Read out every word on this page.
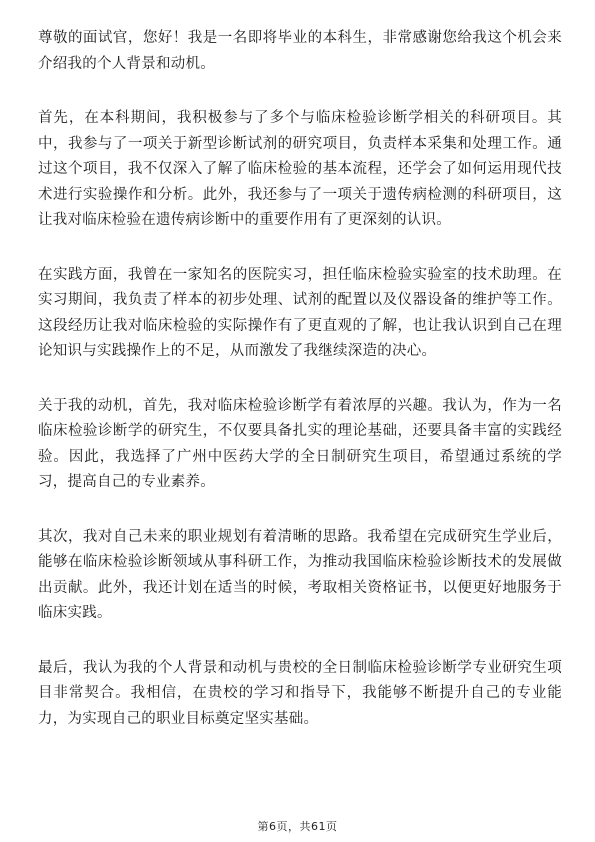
尊敬的面试官，您好！我是一名即将毕业的本科生，非常感谢您给我这个机会来介绍我的个人背景和动机。

首先，在本科期间，我积极参与了多个与临床检验诊断学相关的科研项目。其中，我参与了一项关于新型诊断试剂的研究项目，负责样本采集和处理工作。通过这个项目，我不仅深入了解了临床检验的基本流程，还学会了如何运用现代技术进行实验操作和分析。此外，我还参与了一项关于遗传病检测的科研项目，这让我对临床检验在遗传病诊断中的重要作用有了更深刻的认识。

在实践方面，我曾在一家知名的医院实习，担任临床检验实验室的技术助理。在实习期间，我负责了样本的初步处理、试剂的配置以及仪器设备的维护等工作。这段经历让我对临床检验的实际操作有了更直观的了解，也让我认识到自己在理论知识与实践操作上的不足，从而激发了我继续深造的决心。

关于我的动机，首先，我对临床检验诊断学有着浓厚的兴趣。我认为，作为一名临床检验诊断学的研究生，不仅要具备扎实的理论基础，还要具备丰富的实践经验。因此，我选择了广州中医药大学的全日制研究生项目，希望通过系统的学习，提高自己的专业素养。

其次，我对自己未来的职业规划有着清晰的思路。我希望在完成研究生学业后，能够在临床检验诊断领域从事科研工作，为推动我国临床检验诊断技术的发展做出贡献。此外，我还计划在适当的时候，考取相关资格证书，以便更好地服务于临床实践。

最后，我认为我的个人背景和动机与贵校的全日制临床检验诊断学专业研究生项目非常契合。我相信，在贵校的学习和指导下，我能够不断提升自己的专业能力，为实现自己的职业目标奠定坚实基础。

第6页，共61页
